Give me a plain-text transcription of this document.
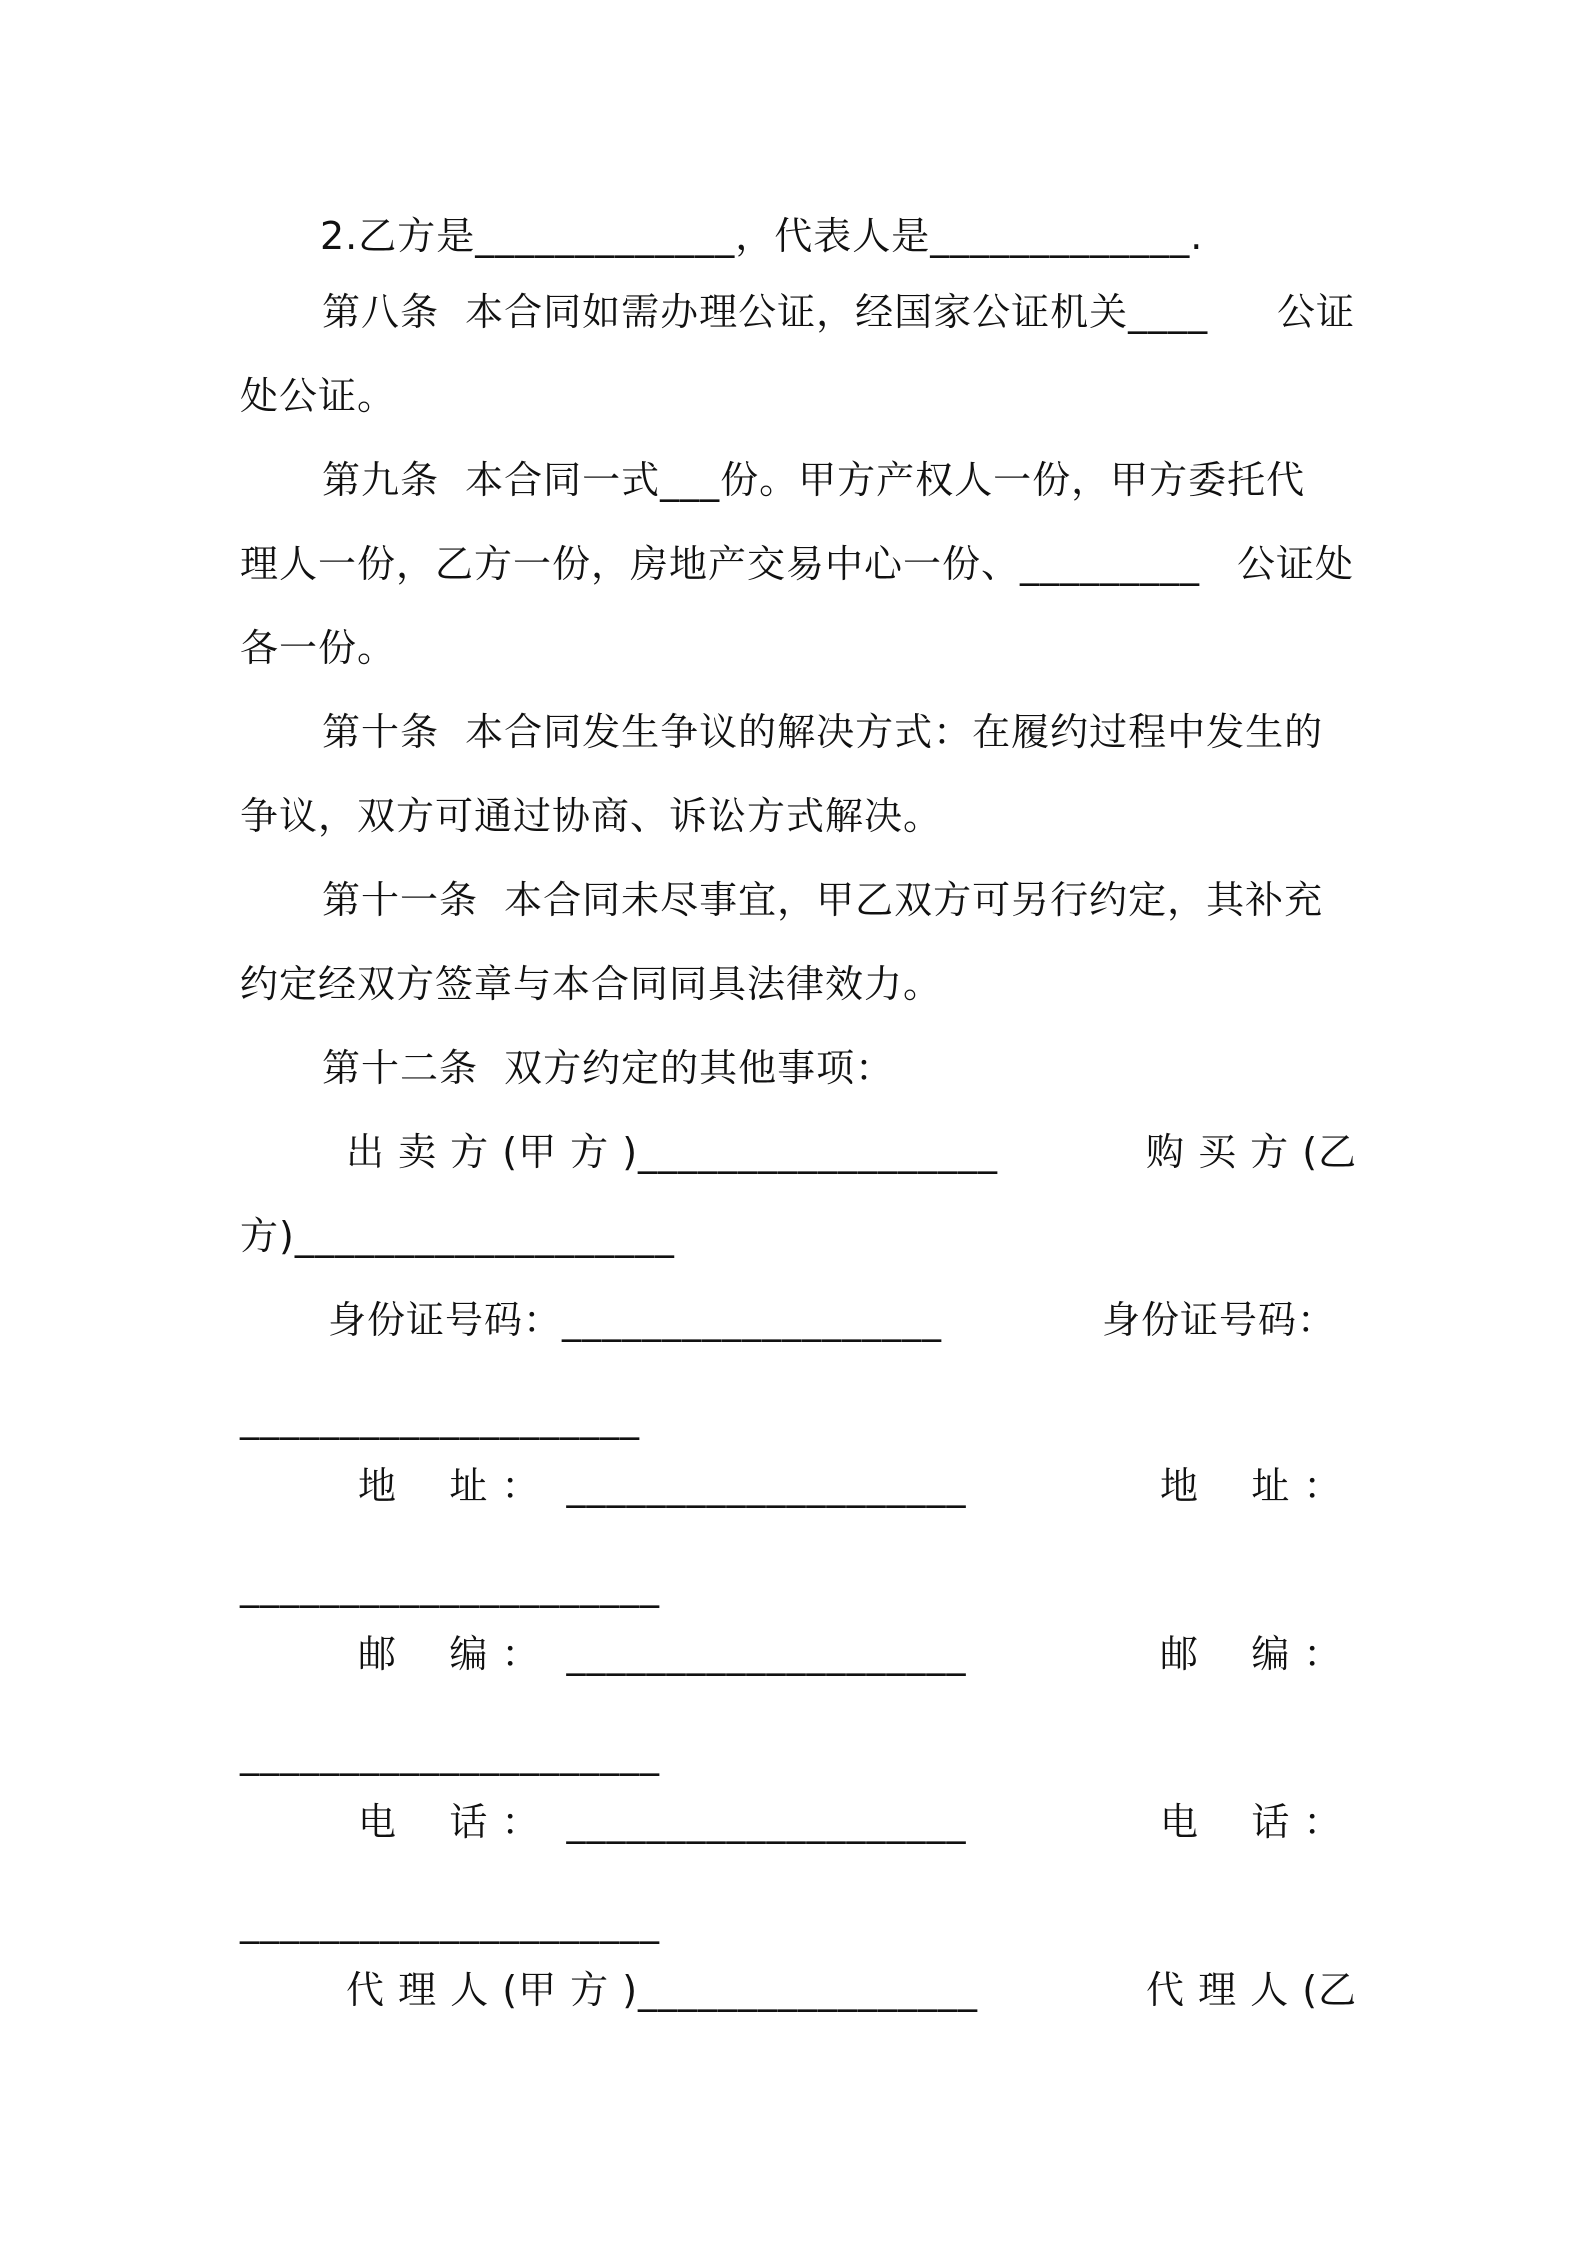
2.乙方是_____________，代表人是_____________.

第八条  本合同如需办理公证，经国家公证机关____

公证

处公证。

第九条  本合同一式___份。甲方产权人一份，甲方委托代

理人一份，乙方一份，房地产交易中心一份、_________

公证处

各一份。

第十条  本合同发生争议的解决方式：在履约过程中发生的

争议，双方可通过协商、诉讼方式解决。

第十一条  本合同未尽事宜，甲乙双方可另行约定，其补充

约定经双方签章与本合同同具法律效力。

第十二条  双方约定的其他事项：

出 卖 方 (甲 方 )__________________

	购 买 方 (乙

方)___________________

身份证号码：___________________

	身份证号码：

____________________

地    址 ：  ____________________

	地    址 ：

_____________________

邮    编 ：  ____________________

	邮    编 ：

_____________________

电    话 ：  ____________________

	电    话 ：

_____________________

代 理 人 (甲 方 )_________________

	代 理 人 (乙
